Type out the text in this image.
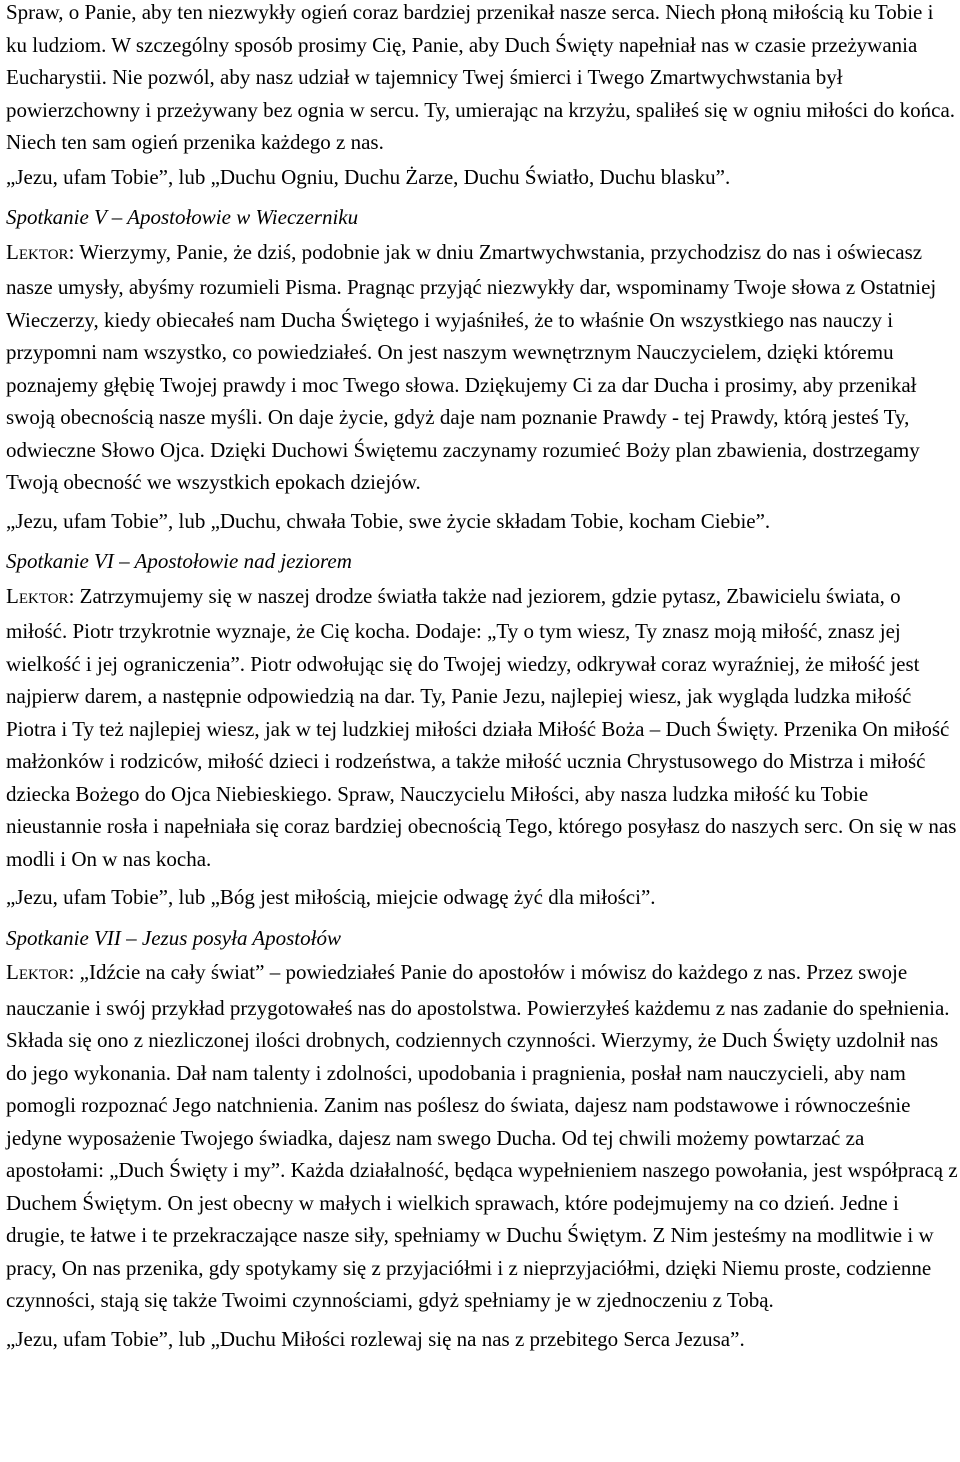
Spraw, o Panie, aby ten niezwykły ogień coraz bardziej przenikał nasze serca. Niech płoną miłością ku Tobie i ku ludziom. W szczególny sposób prosimy Cię, Panie, aby Duch Święty napełniał nas w czasie przeżywania Eucharystii. Nie pozwól, aby nasz udział w tajemnicy Twej śmierci i Twego Zmartwychwstania był powierzchowny i przeżywany bez ognia w sercu. Ty, umierając na krzyżu, spaliłeś się w ogniu miłości do końca. Niech ten sam ogień przenika każdego z nas.

„Jezu, ufam Tobie”, lub „Duchu Ogniu, Duchu Żarze, Duchu Światło, Duchu blasku”.

Spotkanie V – Apostołowie w Wieczerniku

LEKTOR: Wierzymy, Panie, że dziś, podobnie jak w dniu Zmartwychwstania, przychodzisz do nas i oświecasz nasze umysły, abyśmy rozumieli Pisma. Pragnąc przyjąć niezwykły dar, wspominamy Twoje słowa z Ostatniej Wieczerzy, kiedy obiecałeś nam Ducha Świętego i wyjaśniłeś, że to właśnie On wszystkiego nas nauczy i przypomni nam wszystko, co powiedziałeś. On jest naszym wewnętrznym Nauczycielem, dzięki któremu poznajemy głębię Twojej prawdy i moc Twego słowa. Dziękujemy Ci za dar Ducha i prosimy, aby przenikał swoją obecnością nasze myśli. On daje życie, gdyż daje nam poznanie Prawdy - tej Prawdy, którą jesteś Ty, odwieczne Słowo Ojca. Dzięki Duchowi Świętemu zaczynamy rozumieć Boży plan zbawienia, dostrzegamy Twoją obecność we wszystkich epokach dziejów.

„Jezu, ufam Tobie”, lub „Duchu, chwała Tobie, swe życie składam Tobie, kocham Ciebie”.

Spotkanie VI – Apostołowie nad jeziorem

LEKTOR: Zatrzymujemy się w naszej drodze światła także nad jeziorem, gdzie pytasz, Zbawicielu świata, o miłość. Piotr trzykrotnie wyznaje, że Cię kocha. Dodaje: „Ty o tym wiesz, Ty znasz moją miłość, znasz jej wielkość i jej ograniczenia”. Piotr odwołując się do Twojej wiedzy, odkrywał coraz wyraźniej, że miłość jest najpierw darem, a następnie odpowiedzią na dar. Ty, Panie Jezu, najlepiej wiesz, jak wygląda ludzka miłość Piotra i Ty też najlepiej wiesz, jak w tej ludzkiej miłości działa Miłość Boża – Duch Święty. Przenika On miłość małżonków i rodziców, miłość dzieci i rodzeństwa, a także miłość ucznia Chrystusowego do Mistrza i miłość dziecka Bożego do Ojca Niebieskiego. Spraw, Nauczycielu Miłości, aby nasza ludzka miłość ku Tobie nieustannie rosła i napełniała się coraz bardziej obecnością Tego, którego posyłasz do naszych serc. On się w nas modli i On w nas kocha.

„Jezu, ufam Tobie”, lub „Bóg jest miłością, miejcie odwagę żyć dla miłości”.

Spotkanie VII – Jezus posyła Apostołów

LEKTOR: „Idźcie na cały świat” – powiedziałeś Panie do apostołów i mówisz do każdego z nas. Przez swoje nauczanie i swój przykład przygotowałeś nas do apostolstwa. Powierzyłeś każdemu z nas zadanie do spełnienia. Składa się ono z niezliczonej ilości drobnych, codziennych czynności. Wierzymy, że Duch Święty uzdolnił nas do jego wykonania. Dał nam talenty i zdolności, upodobania i pragnienia, posłał nam nauczycieli, aby nam pomogli rozpoznać Jego natchnienia. Zanim nas poślesz do świata, dajesz nam podstawowe i równocześnie jedyne wyposażenie Twojego świadka, dajesz nam swego Ducha. Od tej chwili możemy powtarzać za apostołami: „Duch Święty i my”. Każda działalność, będąca wypełnieniem naszego powołania, jest współpracą z Duchem Świętym. On jest obecny w małych i wielkich sprawach, które podejmujemy na co dzień. Jedne i drugie, te łatwe i te przekraczające nasze siły, spełniamy w Duchu Świętym. Z Nim jesteśmy na modlitwie i w pracy, On nas przenika, gdy spotykamy się z przyjaciółmi i z nieprzyjaciółmi, dzięki Niemu proste, codzienne czynności, stają się także Twoimi czynnościami, gdyż spełniamy je w zjednoczeniu z Tobą.

„Jezu, ufam Tobie”, lub „Duchu Miłości rozlewaj się na nas z przebitego Serca Jezusa”.
